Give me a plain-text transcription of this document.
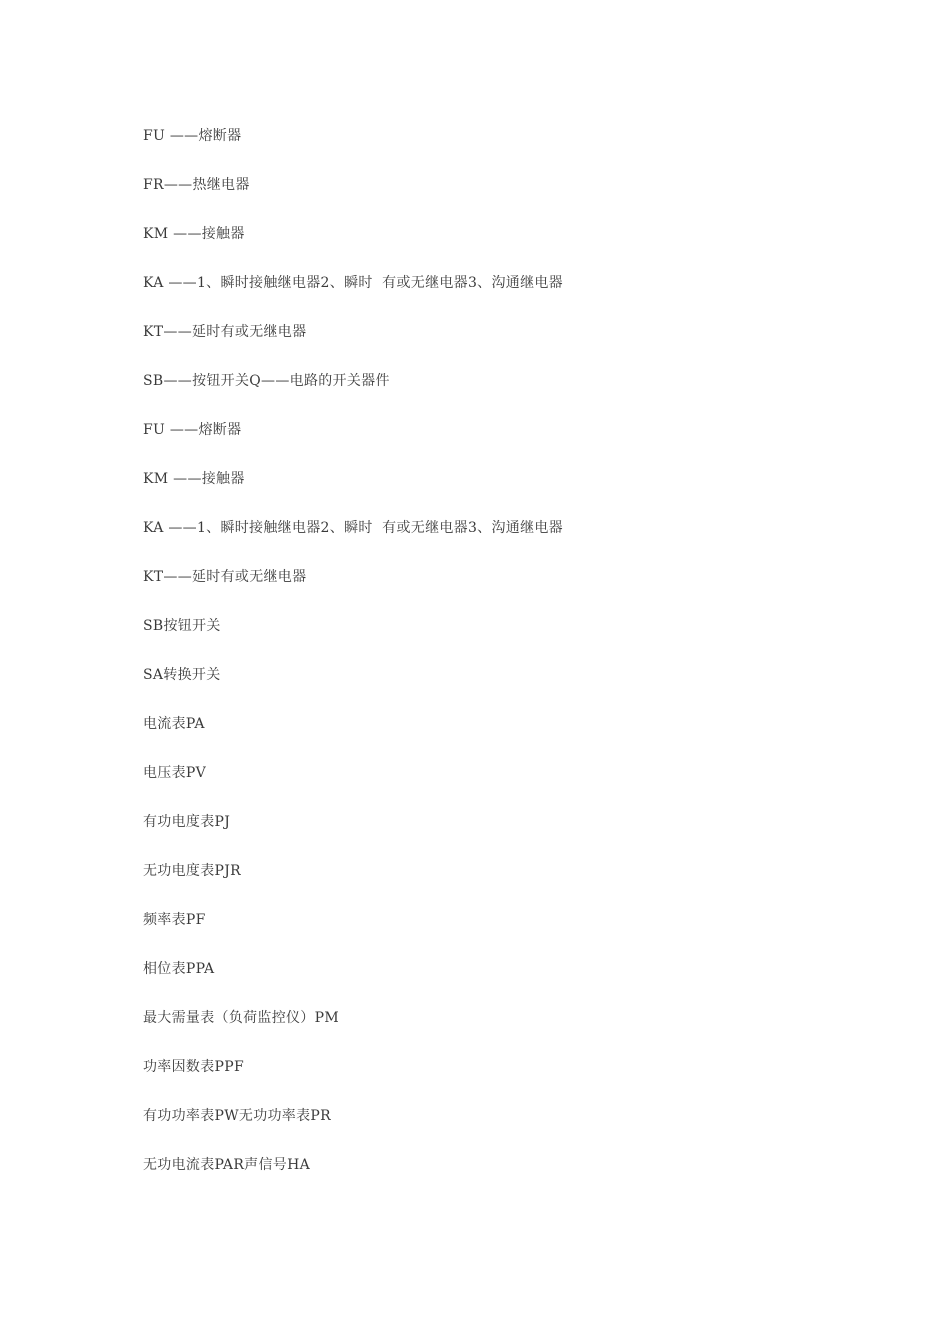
FU ——熔断器
FR——热继电器
KM ——接触器
KA ——1、瞬时接触继电器2、瞬时  有或无继电器3、沟通继电器
KT——延时有或无继电器
SB——按钮开关Q——电路的开关器件
FU ——熔断器
KM ——接触器
KA ——1、瞬时接触继电器2、瞬时  有或无继电器3、沟通继电器
KT——延时有或无继电器
SB按钮开关
SA转换开关
电流表PA
电压表PV
有功电度表PJ
无功电度表PJR
频率表PF
相位表PPA
最大需量表（负荷监控仪）PM
功率因数表PPF
有功功率表PW无功功率表PR
无功电流表PAR声信号HA
